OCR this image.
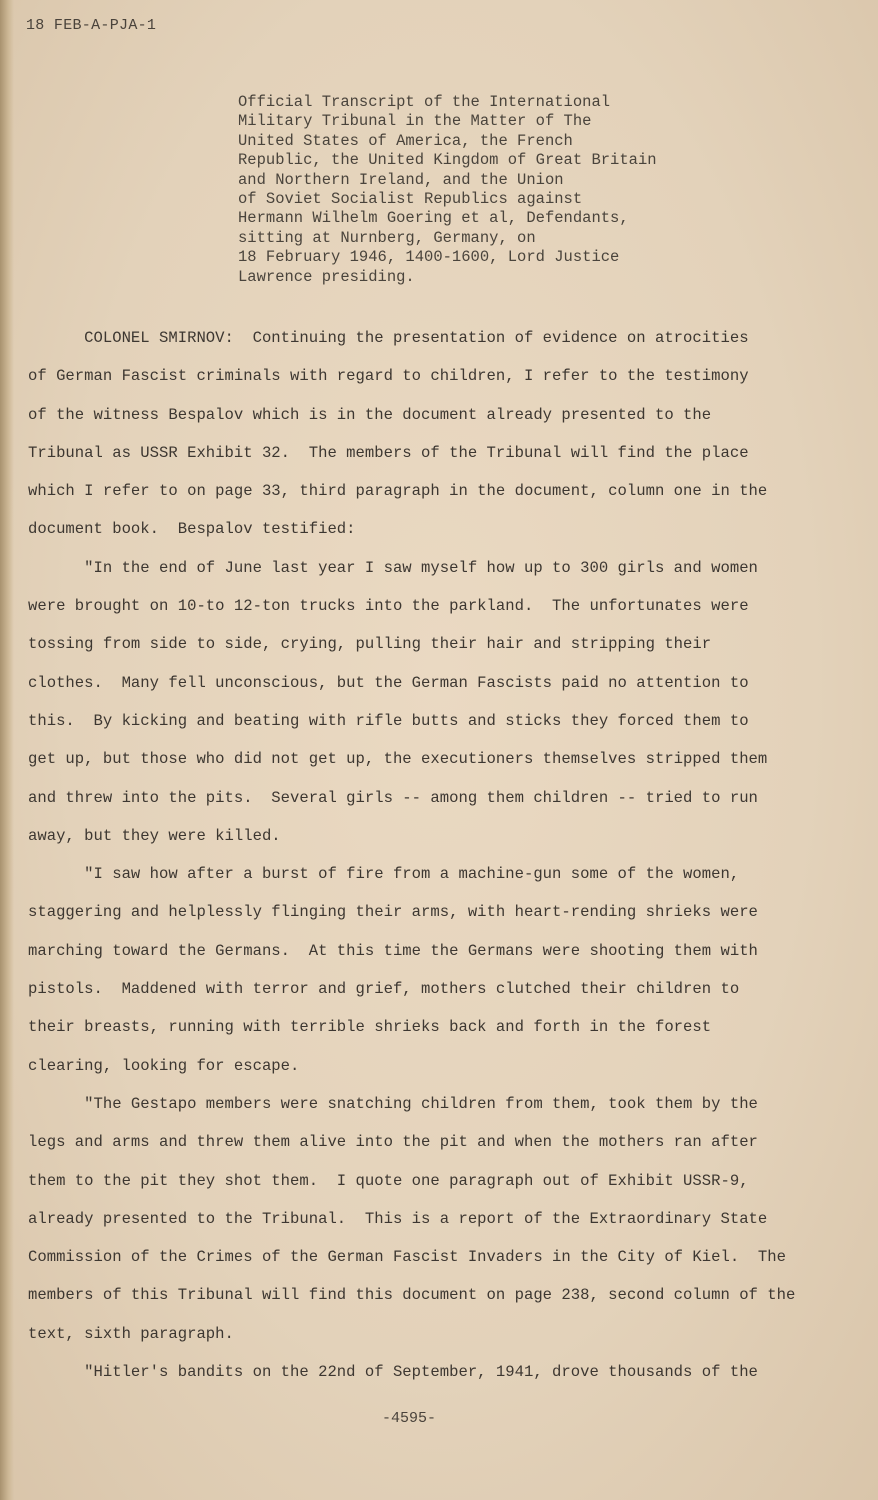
18 FEB-A-PJA-1
Official Transcript of the International
Military Tribunal in the Matter of The
United States of America, the French
Republic, the United Kingdom of Great Britain
and Northern Ireland, and the Union
of Soviet Socialist Republics against
Hermann Wilhelm Goering et al, Defendants,
sitting at Nurnberg, Germany, on
18 February 1946, 1400-1600, Lord Justice
Lawrence presiding.
COLONEL SMIRNOV:  Continuing the presentation of evidence on atrocities
of German Fascist criminals with regard to children, I refer to the testimony
of the witness Bespalov which is in the document already presented to the
Tribunal as USSR Exhibit 32.  The members of the Tribunal will find the place
which I refer to on page 33, third paragraph in the document, column one in the
document book.  Bespalov testified:
"In the end of June last year I saw myself how up to 300 girls and women
were brought on 10-to 12-ton trucks into the parkland.  The unfortunates were
tossing from side to side, crying, pulling their hair and stripping their
clothes.  Many fell unconscious, but the German Fascists paid no attention to
this.  By kicking and beating with rifle butts and sticks they forced them to
get up, but those who did not get up, the executioners themselves stripped them
and threw into the pits.  Several girls -- among them children -- tried to run
away, but they were killed.
"I saw how after a burst of fire from a machine-gun some of the women,
staggering and helplessly flinging their arms, with heart-rending shrieks were
marching toward the Germans.  At this time the Germans were shooting them with
pistols.  Maddened with terror and grief, mothers clutched their children to
their breasts, running with terrible shrieks back and forth in the forest
clearing, looking for escape.
"The Gestapo members were snatching children from them, took them by the
legs and arms and threw them alive into the pit and when the mothers ran after
them to the pit they shot them.  I quote one paragraph out of Exhibit USSR-9,
already presented to the Tribunal.  This is a report of the Extraordinary State
Commission of the Crimes of the German Fascist Invaders in the City of Kiel.  The
members of this Tribunal will find this document on page 238, second column of the
text, sixth paragraph.
"Hitler's bandits on the 22nd of September, 1941, drove thousands of the
-4595-
